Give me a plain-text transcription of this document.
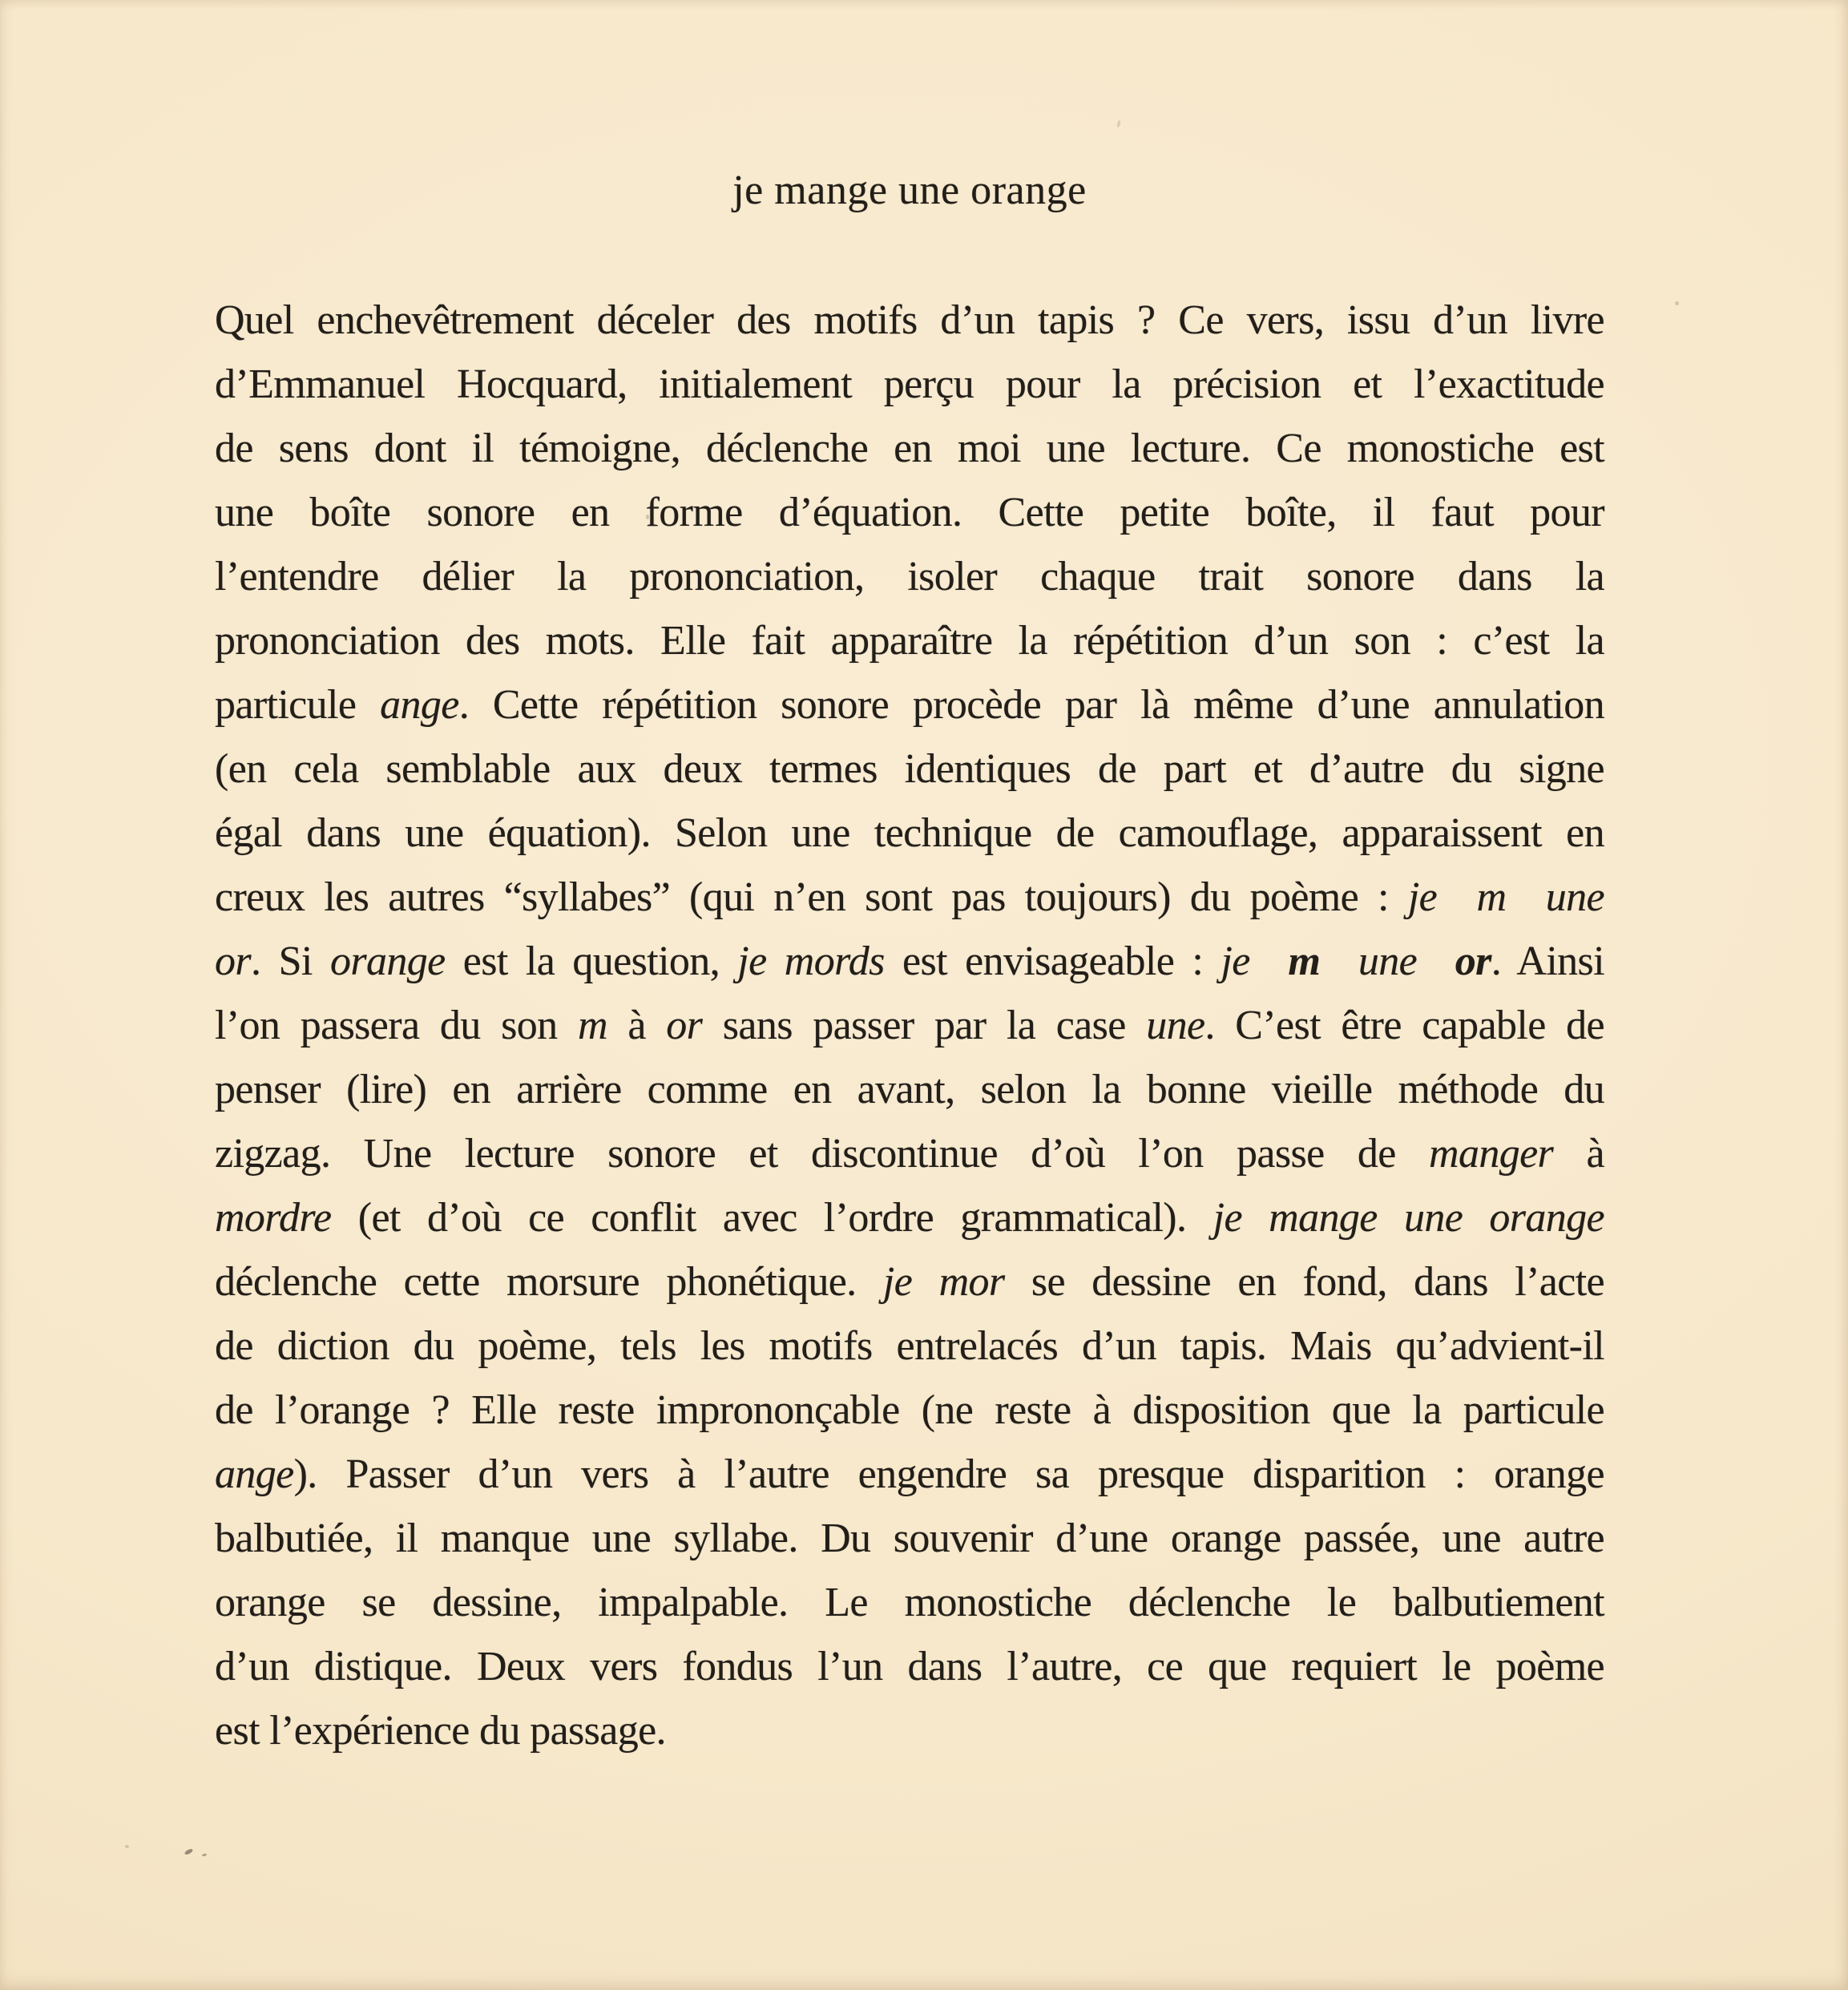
je mange une orange
Quel enchevêtrement déceler des motifs d’un tapis ? Ce vers, issu d’un livre
d’Emmanuel Hocquard, initialement perçu pour la précision et l’exactitude
de sens dont il témoigne, déclenche en moi une lecture. Ce monostiche est
une boîte sonore en forme d’équation. Cette petite boîte, il faut pour
l’entendre délier la prononciation, isoler chaque trait sonore dans la
prononciation des mots. Elle fait apparaître la répétition d’un son : c’est la
particule ange. Cette répétition sonore procède par là même d’une annulation
(en cela semblable aux deux termes identiques de part et d’autre du signe
égal dans une équation). Selon une technique de camouflage, apparaissent en
creux les autres “syllabes” (qui n’en sont pas toujours) du poème : je  m  une
or. Si orange est la question, je mords est envisageable : je  m  une  or. Ainsi
l’on passera du son m à or sans passer par la case une. C’est être capable de
penser (lire) en arrière comme en avant, selon la bonne vieille méthode du
zigzag. Une lecture sonore et discontinue d’où l’on passe de manger à
mordre (et d’où ce conflit avec l’ordre grammatical). je mange une orange
déclenche cette morsure phonétique. je mor se dessine en fond, dans l’acte
de diction du poème, tels les motifs entrelacés d’un tapis. Mais qu’advient-il
de l’orange ? Elle reste imprononçable (ne reste à disposition que la particule
ange). Passer d’un vers à l’autre engendre sa presque disparition : orange
balbutiée, il manque une syllabe. Du souvenir d’une orange passée, une autre
orange se dessine, impalpable. Le monostiche déclenche le balbutiement
d’un distique. Deux vers fondus l’un dans l’autre, ce que requiert le poème
est l’expérience du passage.
